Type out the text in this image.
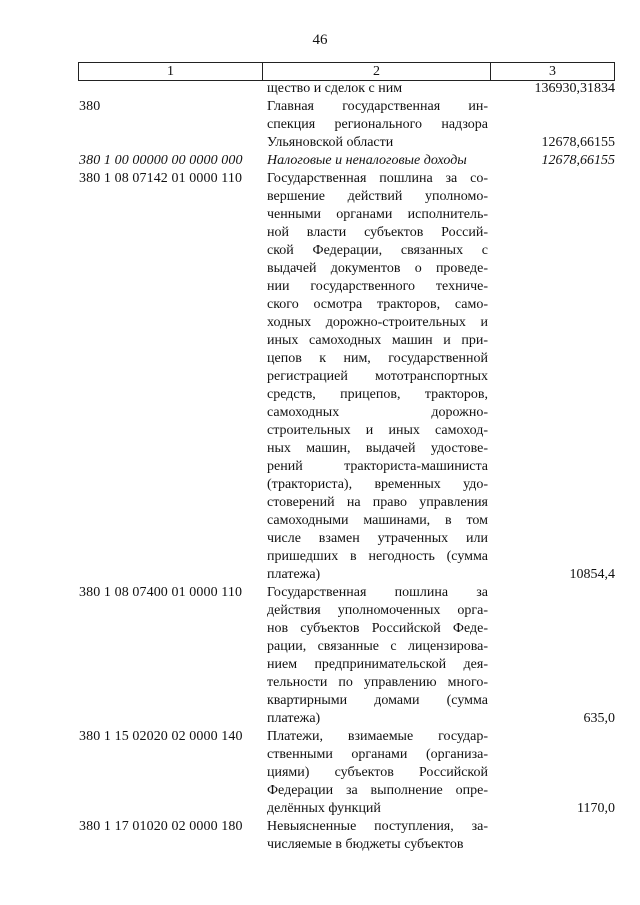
46
1	2	3
щество и сделок с ним	136930,31834
380	Главная государственная ин-
спекция регионального надзора
Ульяновской области	12678,66155
380 1 00 00000 00 0000 000	Налоговые и неналоговые доходы	12678,66155
380 1 08 07142 01 0000 110	Государственная пошлина за со-
вершение действий уполномо-
ченными органами исполнитель-
ной власти субъектов Россий-
ской Федерации, связанных с
выдачей документов о проведе-
нии государственного техниче-
ского осмотра тракторов, само-
ходных дорожно-строительных и
иных самоходных машин и при-
цепов к ним, государственной
регистрацией мототранспортных
средств, прицепов, тракторов,
самоходных дорожно-
строительных и иных самоход-
ных машин, выдачей удостове-
рений тракториста-машиниста
(тракториста), временных удо-
стоверений на право управления
самоходными машинами, в том
числе взамен утраченных или
пришедших в негодность (сумма
платежа)	10854,4
380 1 08 07400 01 0000 110	Государственная пошлина за
действия уполномоченных орга-
нов субъектов Российской Феде-
рации, связанные с лицензирова-
нием предпринимательской дея-
тельности по управлению много-
квартирными домами (сумма
платежа)	635,0
380 1 15 02020 02 0000 140	Платежи, взимаемые государ-
ственными органами (организа-
циями) субъектов Российской
Федерации за выполнение опре-
делённых функций	1170,0
380 1 17 01020 02 0000 180	Невыясненные поступления, за-
числяемые в бюджеты субъектов
